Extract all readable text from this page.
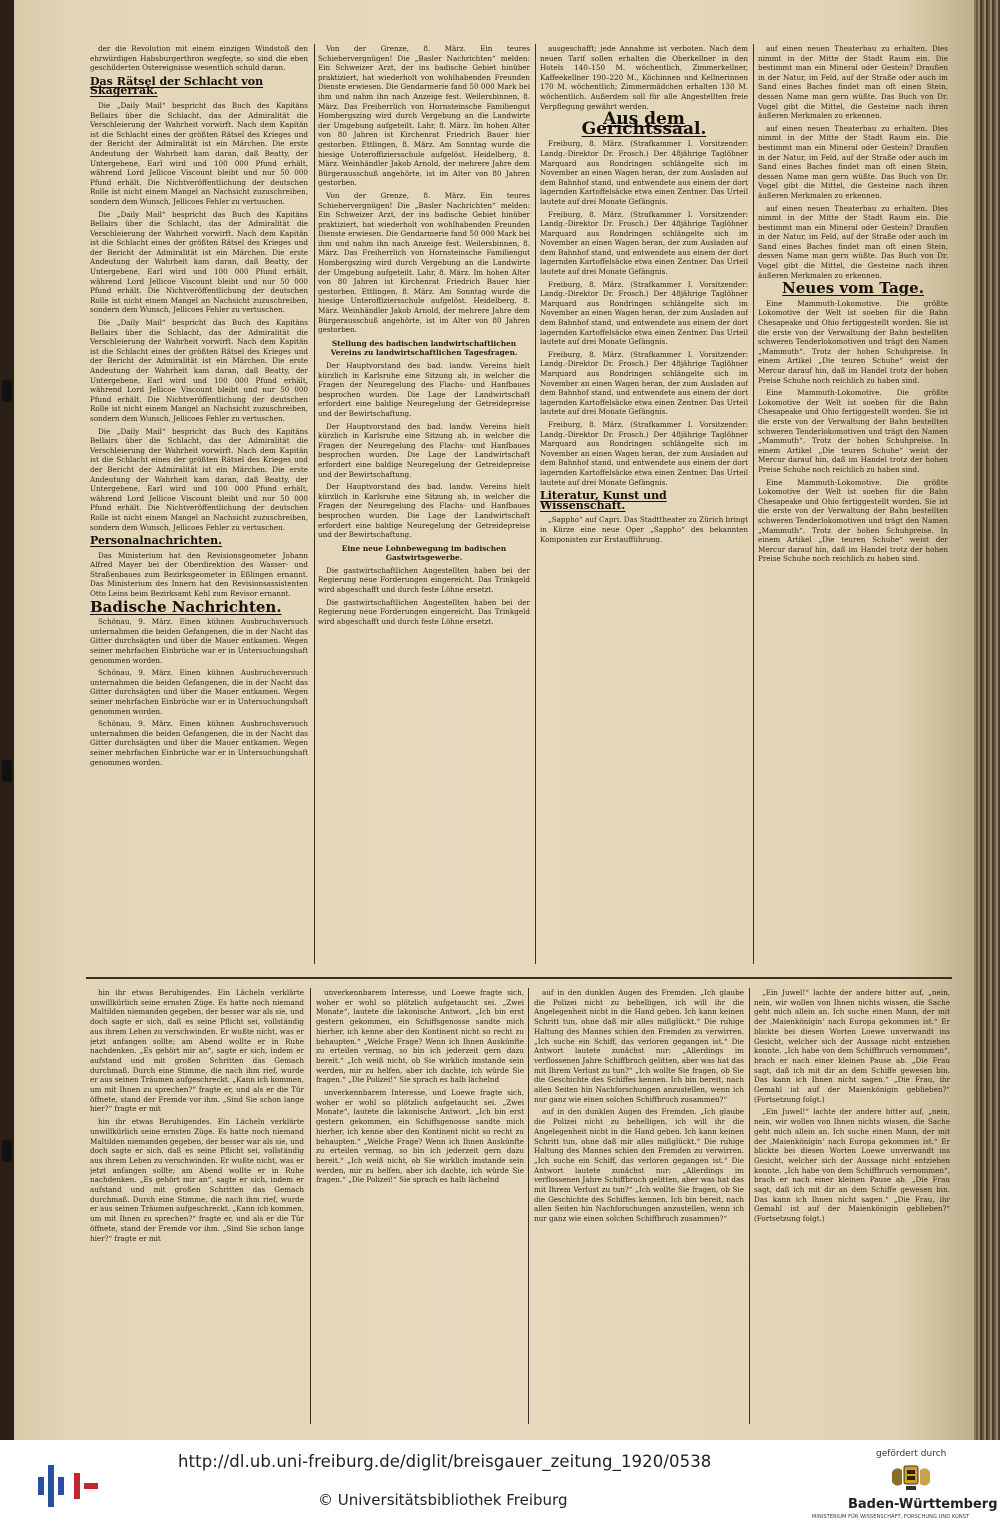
der die Revolution mit einem einzigen Windstoß den ehrwürdigen Habsburgerthron wegfegte, so sind die eben geschilderten Ostereignisse wesentlich schuld daran.

Das Rätsel der Schlacht von Skagerrak.

Die „Daily Mail“ bespricht das Buch des Kapitäns Bellairs über die Schlacht, das der Admiralität die Verschleierung der Wahrheit vorwirft. Nach dem Kapitän ist die Schlacht eines der größten Rätsel des Krieges und der Bericht der Admiralität ist ein Märchen. Die erste Andeutung der Wahrheit kam daran, daß Beatty, der Untergebene, Earl wird und 100 000 Pfund erhält, während Lord Jellicoe Viscount bleibt und nur 50 000 Pfund erhält. Die Nichtveröffentlichung der deutschen Rolle ist nicht einem Mangel an Nachsicht zuzuschreiben, sondern dem Wunsch, Jellicoes Fehler zu vertuschen.

Die „Daily Mail“ bespricht das Buch des Kapitäns Bellairs über die Schlacht, das der Admiralität die Verschleierung der Wahrheit vorwirft. Nach dem Kapitän ist die Schlacht eines der größten Rätsel des Krieges und der Bericht der Admiralität ist ein Märchen. Die erste Andeutung der Wahrheit kam daran, daß Beatty, der Untergebene, Earl wird und 100 000 Pfund erhält, während Lord Jellicoe Viscount bleibt und nur 50 000 Pfund erhält. Die Nichtveröffentlichung der deutschen Rolle ist nicht einem Mangel an Nachsicht zuzuschreiben, sondern dem Wunsch, Jellicoes Fehler zu vertuschen.

Die „Daily Mail“ bespricht das Buch des Kapitäns Bellairs über die Schlacht, das der Admiralität die Verschleierung der Wahrheit vorwirft. Nach dem Kapitän ist die Schlacht eines der größten Rätsel des Krieges und der Bericht der Admiralität ist ein Märchen. Die erste Andeutung der Wahrheit kam daran, daß Beatty, der Untergebene, Earl wird und 100 000 Pfund erhält, während Lord Jellicoe Viscount bleibt und nur 50 000 Pfund erhält. Die Nichtveröffentlichung der deutschen Rolle ist nicht einem Mangel an Nachsicht zuzuschreiben, sondern dem Wunsch, Jellicoes Fehler zu vertuschen.

Die „Daily Mail“ bespricht das Buch des Kapitäns Bellairs über die Schlacht, das der Admiralität die Verschleierung der Wahrheit vorwirft. Nach dem Kapitän ist die Schlacht eines der größten Rätsel des Krieges und der Bericht der Admiralität ist ein Märchen. Die erste Andeutung der Wahrheit kam daran, daß Beatty, der Untergebene, Earl wird und 100 000 Pfund erhält, während Lord Jellicoe Viscount bleibt und nur 50 000 Pfund erhält. Die Nichtveröffentlichung der deutschen Rolle ist nicht einem Mangel an Nachsicht zuzuschreiben, sondern dem Wunsch, Jellicoes Fehler zu vertuschen.

Personalnachrichten.

Das Ministerium hat den Revisionsgeometer Johann Alfred Mayer bei der Oberdirektion des Wasser- und Straßenbaues zum Bezirksgeometer in Eßlingen ernannt. Das Ministerium des Innern hat den Revisionsassistenten Otto Leins beim Bezirksamt Kehl zum Revisor ernannt.

Badische Nachrichten.

Schönau, 9. März. Einen kühnen Ausbruchsversuch unternahmen die beiden Gefangenen, die in der Nacht das Gitter durchsägten und über die Mauer entkamen. Wegen seiner mehrfachen Einbrüche war er in Untersuchungshaft genommen worden.

Schönau, 9. März. Einen kühnen Ausbruchsversuch unternahmen die beiden Gefangenen, die in der Nacht das Gitter durchsägten und über die Mauer entkamen. Wegen seiner mehrfachen Einbrüche war er in Untersuchungshaft genommen worden.

Schönau, 9. März. Einen kühnen Ausbruchsversuch unternahmen die beiden Gefangenen, die in der Nacht das Gitter durchsägten und über die Mauer entkamen. Wegen seiner mehrfachen Einbrüche war er in Untersuchungshaft genommen worden.

Von der Grenze, 8. März. Ein teures Schiebervergnügen! Die „Basler Nachrichten“ melden: Ein Schweizer Arzt, der ins badische Gebiet hinüber praktiziert, hat wiederholt von wohlhabenden Freunden Dienste erwiesen. Die Gendarmerie fand 50 000 Mark bei ihm und nahm ihn nach Anzeige fest. Weilersbinnen, 8. März. Das Freiherrlich von Hornsteinsche Familiengut Hombergszing wird durch Vergebung an die Landwirte der Umgebung aufgeteilt. Lahr, 8. März. Im hohen Alter von 80 Jahren ist Kirchenrat Friedrich Bauer hier gestorben. Ettlingen, 8. März. Am Sonntag wurde die hiesige Unteroffiziersschule aufgelöst. Heidelberg, 8. März. Weinhändler Jakob Arnold, der mehrere Jahre dem Bürgerausschuß angehörte, ist im Alter von 80 Jahren gestorben.

Von der Grenze, 8. März. Ein teures Schiebervergnügen! Die „Basler Nachrichten“ melden: Ein Schweizer Arzt, der ins badische Gebiet hinüber praktiziert, hat wiederholt von wohlhabenden Freunden Dienste erwiesen. Die Gendarmerie fand 50 000 Mark bei ihm und nahm ihn nach Anzeige fest. Weilersbinnen, 8. März. Das Freiherrlich von Hornsteinsche Familiengut Hombergszing wird durch Vergebung an die Landwirte der Umgebung aufgeteilt. Lahr, 8. März. Im hohen Alter von 80 Jahren ist Kirchenrat Friedrich Bauer hier gestorben. Ettlingen, 8. März. Am Sonntag wurde die hiesige Unteroffiziersschule aufgelöst. Heidelberg, 8. März. Weinhändler Jakob Arnold, der mehrere Jahre dem Bürgerausschuß angehörte, ist im Alter von 80 Jahren gestorben.

Stellung des badischen landwirtschaftlichen Vereins zu landwirtschaftlichen Tagesfragen.

Der Hauptvorstand des bad. landw. Vereins hielt kürzlich in Karlsruhe eine Sitzung ab, in welcher die Fragen der Neuregelung des Flachs- und Hanfbaues besprochen wurden. Die Lage der Landwirtschaft erfordert eine baldige Neuregelung der Getreidepreise und der Bewirtschaftung.

Der Hauptvorstand des bad. landw. Vereins hielt kürzlich in Karlsruhe eine Sitzung ab, in welcher die Fragen der Neuregelung des Flachs- und Hanfbaues besprochen wurden. Die Lage der Landwirtschaft erfordert eine baldige Neuregelung der Getreidepreise und der Bewirtschaftung.

Der Hauptvorstand des bad. landw. Vereins hielt kürzlich in Karlsruhe eine Sitzung ab, in welcher die Fragen der Neuregelung des Flachs- und Hanfbaues besprochen wurden. Die Lage der Landwirtschaft erfordert eine baldige Neuregelung der Getreidepreise und der Bewirtschaftung.

Eine neue Lohnbewegung im badischen Gastwirtsgewerbe.

Die gastwirtschaftlichen Angestellten haben bei der Regierung neue Forderungen eingereicht. Das Trinkgeld wird abgeschafft und durch feste Löhne ersetzt.

Die gastwirtschaftlichen Angestellten haben bei der Regierung neue Forderungen eingereicht. Das Trinkgeld wird abgeschafft und durch feste Löhne ersetzt.

ausgeschafft; jede Annahme ist verboten. Nach dem neuen Tarif sollen erhalten die Oberkellner in den Hotels 140–150 M. wöchentlich, Zimmerkellner, Kaffeekellner 190–220 M., Köchinnen und Kellnerinnen 170 M. wöchentlich; Zimmermädchen erhalten 130 M. wöchentlich. Außerdem soll für alle Angestellten freie Verpflegung gewährt werden.

Aus dem Gerichtssaal.

Freiburg, 8. März. (Strafkammer I. Vorsitzender: Landg.-Direktor Dr. Frosch.) Der 48jährige Taglöhner Marquard aus Rondringen schlängelte sich im November an einen Wagen heran, der zum Ausladen auf dem Bahnhof stand, und entwendete aus einem der dort lagernden Kartoffelsäcke etwa einen Zentner. Das Urteil lautete auf drei Monate Gefängnis.

Freiburg, 8. März. (Strafkammer I. Vorsitzender: Landg.-Direktor Dr. Frosch.) Der 48jährige Taglöhner Marquard aus Rondringen schlängelte sich im November an einen Wagen heran, der zum Ausladen auf dem Bahnhof stand, und entwendete aus einem der dort lagernden Kartoffelsäcke etwa einen Zentner. Das Urteil lautete auf drei Monate Gefängnis.

Freiburg, 8. März. (Strafkammer I. Vorsitzender: Landg.-Direktor Dr. Frosch.) Der 48jährige Taglöhner Marquard aus Rondringen schlängelte sich im November an einen Wagen heran, der zum Ausladen auf dem Bahnhof stand, und entwendete aus einem der dort lagernden Kartoffelsäcke etwa einen Zentner. Das Urteil lautete auf drei Monate Gefängnis.

Freiburg, 8. März. (Strafkammer I. Vorsitzender: Landg.-Direktor Dr. Frosch.) Der 48jährige Taglöhner Marquard aus Rondringen schlängelte sich im November an einen Wagen heran, der zum Ausladen auf dem Bahnhof stand, und entwendete aus einem der dort lagernden Kartoffelsäcke etwa einen Zentner. Das Urteil lautete auf drei Monate Gefängnis.

Freiburg, 8. März. (Strafkammer I. Vorsitzender: Landg.-Direktor Dr. Frosch.) Der 48jährige Taglöhner Marquard aus Rondringen schlängelte sich im November an einen Wagen heran, der zum Ausladen auf dem Bahnhof stand, und entwendete aus einem der dort lagernden Kartoffelsäcke etwa einen Zentner. Das Urteil lautete auf drei Monate Gefängnis.

Literatur, Kunst und Wissenschaft.

„Sappho“ auf Capri. Das Stadttheater zu Zürich bringt in Kürze eine neue Oper „Sappho“ des bekannten Komponisten zur Erstaufführung.

auf einen neuen Theaterbau zu erhalten. Dies nimmt in der Mitte der Stadt Raum ein. Die bestimmt man ein Mineral oder Gestein? Draußen in der Natur, im Feld, auf der Straße oder auch im Sand eines Baches findet man oft einen Stein, dessen Name man gern wüßte. Das Buch von Dr. Vogel gibt die Mittel, die Gesteine nach ihren äußeren Merkmalen zu erkennen.

auf einen neuen Theaterbau zu erhalten. Dies nimmt in der Mitte der Stadt Raum ein. Die bestimmt man ein Mineral oder Gestein? Draußen in der Natur, im Feld, auf der Straße oder auch im Sand eines Baches findet man oft einen Stein, dessen Name man gern wüßte. Das Buch von Dr. Vogel gibt die Mittel, die Gesteine nach ihren äußeren Merkmalen zu erkennen.

auf einen neuen Theaterbau zu erhalten. Dies nimmt in der Mitte der Stadt Raum ein. Die bestimmt man ein Mineral oder Gestein? Draußen in der Natur, im Feld, auf der Straße oder auch im Sand eines Baches findet man oft einen Stein, dessen Name man gern wüßte. Das Buch von Dr. Vogel gibt die Mittel, die Gesteine nach ihren äußeren Merkmalen zu erkennen.

Neues vom Tage.

Eine Mammuth-Lokomotive. Die größte Lokomotive der Welt ist soeben für die Bahn Chesapeake und Ohio fertiggestellt worden. Sie ist die erste von der Verwaltung der Bahn bestellten schweren Tenderlokomotiven und trägt den Namen „Mammuth“. Trotz der hohen Schuhpreise. In einem Artikel „Die teuren Schuhe“ weist der Mercur darauf hin, daß im Handel trotz der hohen Preise Schuhe noch reichlich zu haben sind.

Eine Mammuth-Lokomotive. Die größte Lokomotive der Welt ist soeben für die Bahn Chesapeake und Ohio fertiggestellt worden. Sie ist die erste von der Verwaltung der Bahn bestellten schweren Tenderlokomotiven und trägt den Namen „Mammuth“. Trotz der hohen Schuhpreise. In einem Artikel „Die teuren Schuhe“ weist der Mercur darauf hin, daß im Handel trotz der hohen Preise Schuhe noch reichlich zu haben sind.

Eine Mammuth-Lokomotive. Die größte Lokomotive der Welt ist soeben für die Bahn Chesapeake und Ohio fertiggestellt worden. Sie ist die erste von der Verwaltung der Bahn bestellten schweren Tenderlokomotiven und trägt den Namen „Mammuth“. Trotz der hohen Schuhpreise. In einem Artikel „Die teuren Schuhe“ weist der Mercur darauf hin, daß im Handel trotz der hohen Preise Schuhe noch reichlich zu haben sind.

hin ihr etwas Beruhigendes. Ein Lächeln verklärte unwillkürlich seine ernsten Züge. Es hatte noch niemand Maltilden niemanden gegeben, der besser war als sie, und doch sagte er sich, daß es seine Pflicht sei, vollständig aus ihrem Leben zu verschwinden. Er wußte nicht, was er jetzt anfangen sollte; am Abend wollte er in Ruhe nachdenken. „Es gehört mir an“, sagte er sich, indem er aufstand und mit großen Schritten das Gemach durchmaß. Durch eine Stimme, die nach ihm rief, wurde er aus seinen Träumen aufgeschreckt. „Kann ich kommen, um mit Ihnen zu sprechen?“ fragte er, und als er die Tür öffnete, stand der Fremde vor ihm. „Sind Sie schon lange hier?“ fragte er mit

hin ihr etwas Beruhigendes. Ein Lächeln verklärte unwillkürlich seine ernsten Züge. Es hatte noch niemand Maltilden niemanden gegeben, der besser war als sie, und doch sagte er sich, daß es seine Pflicht sei, vollständig aus ihrem Leben zu verschwinden. Er wußte nicht, was er jetzt anfangen sollte; am Abend wollte er in Ruhe nachdenken. „Es gehört mir an“, sagte er sich, indem er aufstand und mit großen Schritten das Gemach durchmaß. Durch eine Stimme, die nach ihm rief, wurde er aus seinen Träumen aufgeschreckt. „Kann ich kommen, um mit Ihnen zu sprechen?“ fragte er, und als er die Tür öffnete, stand der Fremde vor ihm. „Sind Sie schon lange hier?“ fragte er mit

unverkennbarem Interesse, und Loewe fragte sich, woher er wohl so plötzlich aufgetaucht sei. „Zwei Monate“, lautete die lakonische Antwort. „Ich bin erst gestern gekommen, ein Schiffsgenosse sandte mich hierher, ich kenne aber den Kontinent nicht so recht zu behaupten.“ „Welche Frage? Wenn ich Ihnen Auskünfte zu erteilen vermag, so bin ich jederzeit gern dazu bereit.“ „Ich weiß nicht, ob Sie wirklich imstande sein werden, mir zu helfen, aber ich dachte, ich würde Sie fragen.“ „Die Polizei!“ Sie sprach es halb lächelnd

unverkennbarem Interesse, und Loewe fragte sich, woher er wohl so plötzlich aufgetaucht sei. „Zwei Monate“, lautete die lakonische Antwort. „Ich bin erst gestern gekommen, ein Schiffsgenosse sandte mich hierher, ich kenne aber den Kontinent nicht so recht zu behaupten.“ „Welche Frage? Wenn ich Ihnen Auskünfte zu erteilen vermag, so bin ich jederzeit gern dazu bereit.“ „Ich weiß nicht, ob Sie wirklich imstande sein werden, mir zu helfen, aber ich dachte, ich würde Sie fragen.“ „Die Polizei!“ Sie sprach es halb lächelnd

auf in den dunklen Augen des Fremden. „Ich glaube die Polizei nicht zu behelligen, ich will ihr die Angelegenheit nicht in die Hand geben. Ich kann keinen Schritt tun, ohne daß mir alles mißglückt.“ Die ruhige Haltung des Mannes schien den Fremden zu verwirren. „Ich suche ein Schiff, das verloren gegangen ist.“ Die Antwort lautete zunächst nur: „Allerdings im verflossenen Jahre Schiffbruch gelitten, aber was hat das mit Ihrem Verlust zu tun?“ „Ich wollte Sie fragen, ob Sie die Geschichte des Schiffes kennen. Ich bin bereit, nach allen Seiten hin Nachforschungen anzustellen, wenn ich nur ganz wie einen solchen Schiffbruch zusammen?“

auf in den dunklen Augen des Fremden. „Ich glaube die Polizei nicht zu behelligen, ich will ihr die Angelegenheit nicht in die Hand geben. Ich kann keinen Schritt tun, ohne daß mir alles mißglückt.“ Die ruhige Haltung des Mannes schien den Fremden zu verwirren. „Ich suche ein Schiff, das verloren gegangen ist.“ Die Antwort lautete zunächst nur: „Allerdings im verflossenen Jahre Schiffbruch gelitten, aber was hat das mit Ihrem Verlust zu tun?“ „Ich wollte Sie fragen, ob Sie die Geschichte des Schiffes kennen. Ich bin bereit, nach allen Seiten hin Nachforschungen anzustellen, wenn ich nur ganz wie einen solchen Schiffbruch zusammen?“

„Ein Juwel!“ lachte der andere bitter auf, „nein, nein, wir wollen von Ihnen nichts wissen, die Sache geht mich allein an. Ich suche einen Mann, der mit der ‚Maienkönigin‘ nach Europa gekommen ist.“ Er blickte bei diesen Worten Loewe unverwandt ins Gesicht, welcher sich der Aussage nicht entziehen konnte. „Ich habe von dem Schiffbruch vernommen“, brach er nach einer kleinen Pause ab. „Die Frau sagt, daß ich mit dir an dem Schiffe gewesen bin. Das kann ich Ihnen nicht sagen.“ „Die Frau, ihr Gemahl ist auf der Maienkönigin geblieben?“ (Fortsetzung folgt.)

„Ein Juwel!“ lachte der andere bitter auf, „nein, nein, wir wollen von Ihnen nichts wissen, die Sache geht mich allein an. Ich suche einen Mann, der mit der ‚Maienkönigin‘ nach Europa gekommen ist.“ Er blickte bei diesen Worten Loewe unverwandt ins Gesicht, welcher sich der Aussage nicht entziehen konnte. „Ich habe von dem Schiffbruch vernommen“, brach er nach einer kleinen Pause ab. „Die Frau sagt, daß ich mit dir an dem Schiffe gewesen bin. Das kann ich Ihnen nicht sagen.“ „Die Frau, ihr Gemahl ist auf der Maienkönigin geblieben?“ (Fortsetzung folgt.)

http://dl.ub.uni-freiburg.de/diglit/breisgauer_zeitung_1920/0538
© Universitätsbibliothek Freiburg
gefördert durch
Baden-Württemberg
MINISTERIUM FÜR WISSENSCHAFT, FORSCHUNG UND KUNST
